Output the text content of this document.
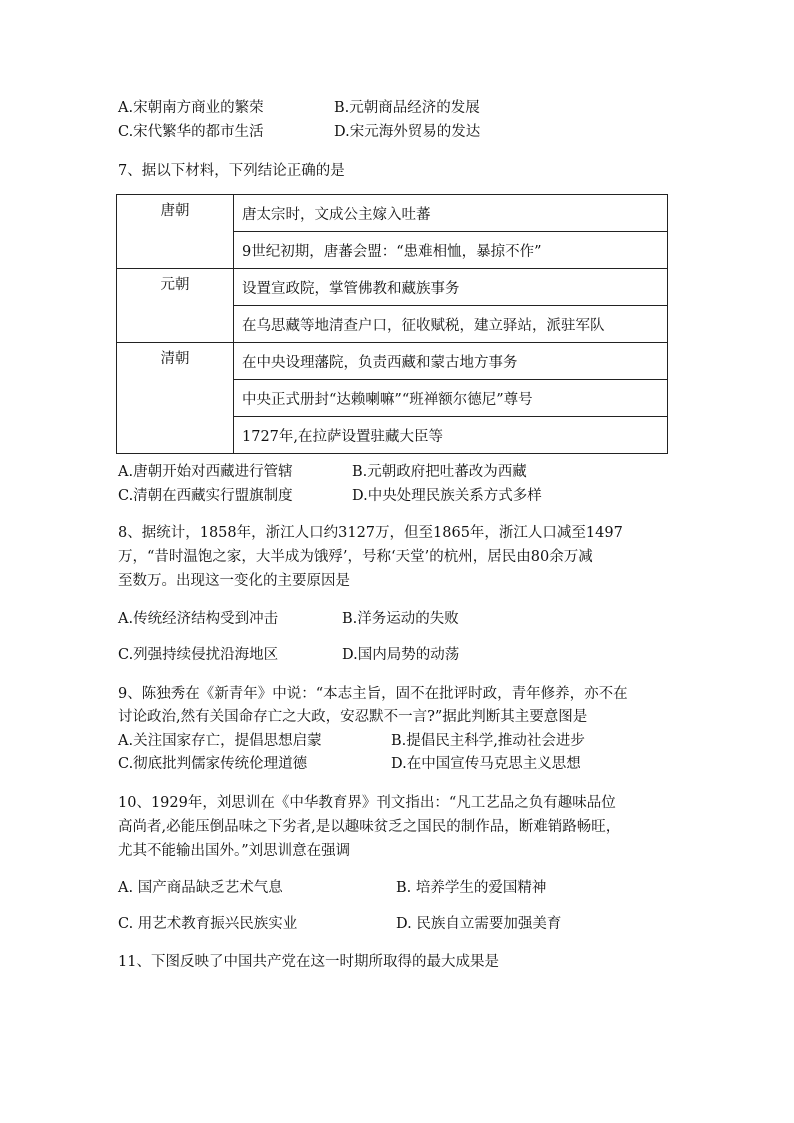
A.宋朝南方商业的繁荣	B.元朝商品经济的发展
C.宋代繁华的都市生活	D.宋元海外贸易的发达
7、据以下材料，下列结论正确的是
唐朝	唐太宗时，文成公主嫁入吐蕃
	9世纪初期，唐蕃会盟：“患难相恤，暴掠不作”
元朝	设置宣政院，掌管佛教和藏族事务
	在乌思藏等地清查户口，征收赋税，建立驿站，派驻军队
清朝	在中央设理藩院，负责西藏和蒙古地方事务
	中央正式册封“达赖喇嘛”“班禅额尔德尼”尊号
	1727年,在拉萨设置驻藏大臣等
A.唐朝开始对西藏进行管辖	B.元朝政府把吐蕃改为西藏
C.清朝在西藏实行盟旗制度	D.中央处理民族关系方式多样
8、据统计，1858年，浙江人口约3127万，但至1865年，浙江人口减至1497
万，“昔时温饱之家，大半成为饿殍’，号称‘天堂’的杭州，居民由80余万减
至数万。出现这一变化的主要原因是
A.传统经济结构受到冲击	B.洋务运动的失败
C.列强持续侵扰沿海地区	D.国内局势的动荡
9、陈独秀在《新青年》中说：“本志主旨，固不在批评时政，青年修养，亦不在
讨论政治,然有关国命存亡之大政，安忍默不一言?”据此判断其主要意图是
A.关注国家存亡，提倡思想启蒙	B.提倡民主科学,推动社会进步
C.彻底批判儒家传统伦理道德	D.在中国宣传马克思主义思想
10、1929年，刘思训在《中华教育界》刊文指出：“凡工艺品之负有趣味品位
高尚者,必能压倒品味之下劣者,是以趣味贫乏之国民的制作品，断难销路畅旺，
尤其不能输出国外。”刘思训意在强调
A. 国产商品缺乏艺术气息	B. 培养学生的爱国精神
C. 用艺术教育振兴民族实业	D. 民族自立需要加强美育
11、下图反映了中国共产党在这一时期所取得的最大成果是
